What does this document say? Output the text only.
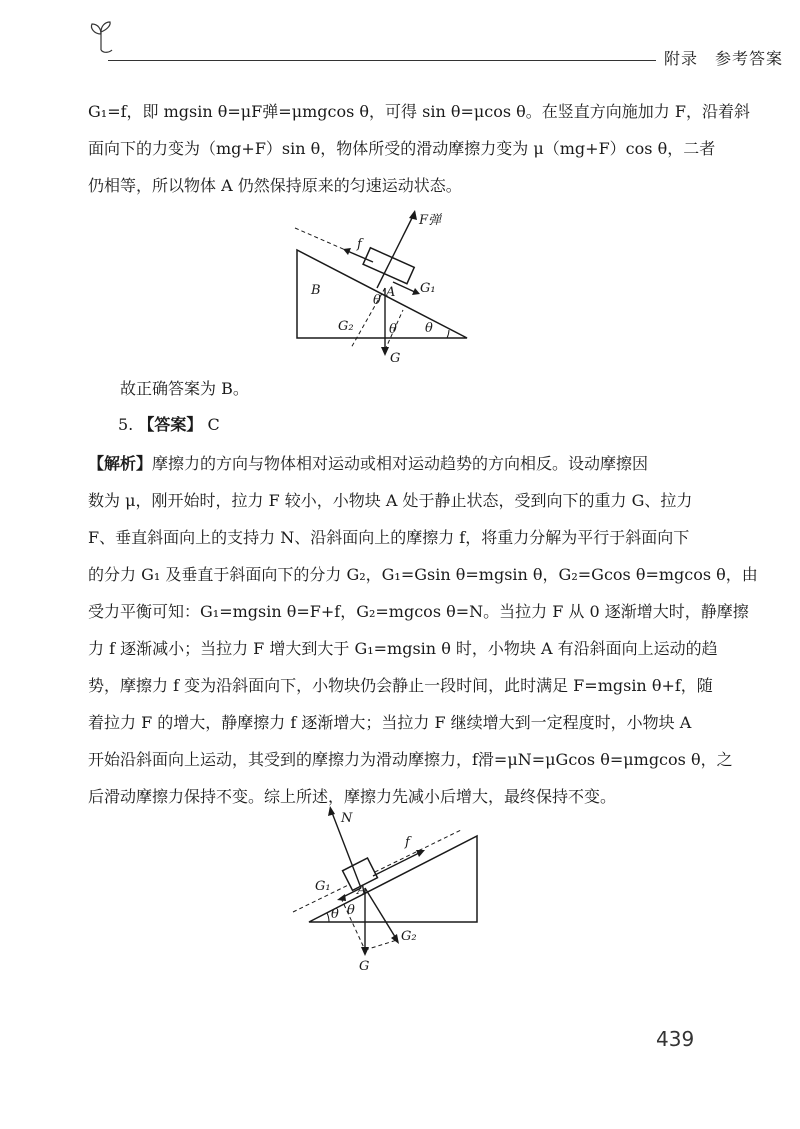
附录　参考答案
G₁=f，即 mgsin θ=μF弹=μmgcos θ，可得 sin θ=μcos θ。在竖直方向施加力 F，沿着斜
面向下的力变为（mg+F）sin θ，物体所受的滑动摩擦力变为 μ（mg+F）cos θ，二者
仍相等，所以物体 A 仍然保持原来的匀速运动状态。
F弹
f
B	A G₁
G₂
G
θ
θ θ
故正确答案为 B。
5. 【答案】 C
【解析】摩擦力的方向与物体相对运动或相对运动趋势的方向相反。设动摩擦因
数为 μ，刚开始时，拉力 F 较小，小物块 A 处于静止状态，受到向下的重力 G、拉力
F、垂直斜面向上的支持力 N、沿斜面向上的摩擦力 f，将重力分解为平行于斜面向下
的分力 G₁ 及垂直于斜面向下的分力 G₂，G₁=Gsin θ=mgsin θ，G₂=Gcos θ=mgcos θ，由
受力平衡可知：G₁=mgsin θ=F+f，G₂=mgcos θ=N。当拉力 F 从 0 逐渐增大时，静摩擦
力 f 逐渐减小；当拉力 F 增大到大于 G₁=mgsin θ 时，小物块 A 有沿斜面向上运动的趋
势，摩擦力 f 变为沿斜面向下，小物块仍会静止一段时间，此时满足 F=mgsin θ+f，随
着拉力 F 的增大，静摩擦力 f 逐渐增大；当拉力 F 继续增大到一定程度时，小物块 A
开始沿斜面向上运动，其受到的摩擦力为滑动摩擦力，f滑=μN=μGcos θ=μmgcos θ，之
后滑动摩擦力保持不变。综上所述，摩擦力先减小后增大，最终保持不变。
N
f
A
G₁
G₂
G
θ θ
439
